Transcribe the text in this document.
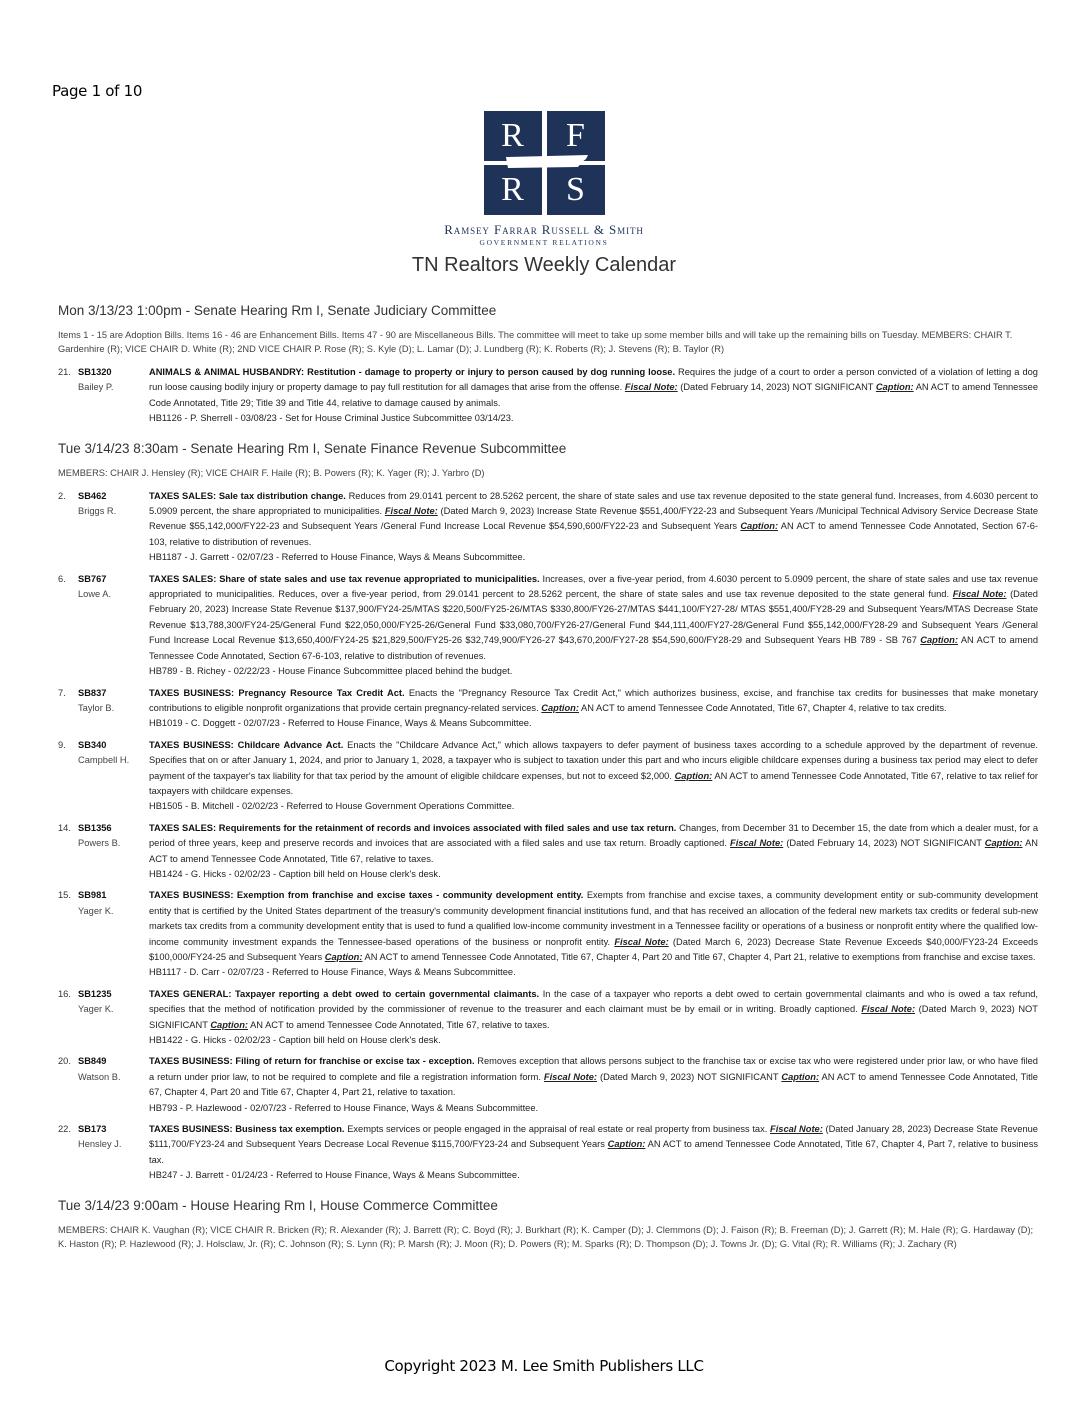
Page 1 of 10
R	F
R	S
Ramsey Farrar Russell & Smith
GOVERNMENT RELATIONS
TN Realtors Weekly Calendar
Mon 3/13/23 1:00pm - Senate Hearing Rm I, Senate Judiciary Committee
Items 1 - 15 are Adoption Bills. Items 16 - 46 are Enhancement Bills. Items 47 - 90 are Miscellaneous Bills. The committee will meet to take up some member bills and will take up the remaining bills on Tuesday. MEMBERS: CHAIR T. Gardenhire (R); VICE CHAIR D. White (R); 2ND VICE CHAIR P. Rose (R); S. Kyle (D); L. Lamar (D); J. Lundberg (R); K. Roberts (R); J. Stevens (R); B. Taylor (R)
21. SB1320
Bailey P.
ANIMALS & ANIMAL HUSBANDRY: Restitution - damage to property or injury to person caused by dog running loose. Requires the judge of a court to order a person convicted of a violation of letting a dog run loose causing bodily injury or property damage to pay full restitution for all damages that arise from the offense. Fiscal Note: (Dated February 14, 2023) NOT SIGNIFICANT Caption: AN ACT to amend Tennessee Code Annotated, Title 29; Title 39 and Title 44, relative to damage caused by animals.
HB1126 - P. Sherrell - 03/08/23 - Set for House Criminal Justice Subcommittee 03/14/23.
Tue 3/14/23 8:30am - Senate Hearing Rm I, Senate Finance Revenue Subcommittee
MEMBERS: CHAIR J. Hensley (R); VICE CHAIR F. Haile (R); B. Powers (R); K. Yager (R); J. Yarbro (D)
2.	SB462
Briggs R.
TAXES SALES: Sale tax distribution change. Reduces from 29.0141 percent to 28.5262 percent, the share of state sales and use tax revenue deposited to the state general fund. Increases, from 4.6030 percent to 5.0909 percent, the share appropriated to municipalities. Fiscal Note: (Dated March 9, 2023) Increase State Revenue $551,400/FY22-23 and Subsequent Years /Municipal Technical Advisory Service Decrease State Revenue $55,142,000/FY22-23 and Subsequent Years /General Fund Increase Local Revenue $54,590,600/FY22-23 and Subsequent Years Caption: AN ACT to amend Tennessee Code Annotated, Section 67-6-103, relative to distribution of revenues.
HB1187 - J. Garrett - 02/07/23 - Referred to House Finance, Ways & Means Subcommittee.
6.	SB767
Lowe A.
TAXES SALES: Share of state sales and use tax revenue appropriated to municipalities. Increases, over a five-year period, from 4.6030 percent to 5.0909 percent, the share of state sales and use tax revenue appropriated to municipalities. Reduces, over a five-year period, from 29.0141 percent to 28.5262 percent, the share of state sales and use tax revenue deposited to the state general fund. Fiscal Note: (Dated February 20, 2023) Increase State Revenue $137,900/FY24-25/MTAS $220,500/FY25-26/MTAS $330,800/FY26-27/MTAS $441,100/FY27-28/ MTAS $551,400/FY28-29 and Subsequent Years/MTAS Decrease State Revenue $13,788,300/FY24-25/General Fund $22,050,000/FY25-26/General Fund $33,080,700/FY26-27/General Fund $44,111,400/FY27-28/General Fund $55,142,000/FY28-29 and Subsequent Years /General Fund Increase Local Revenue $13,650,400/FY24-25 $21,829,500/FY25-26 $32,749,900/FY26-27 $43,670,200/FY27-28 $54,590,600/FY28-29 and Subsequent Years HB 789 - SB 767 Caption: AN ACT to amend Tennessee Code Annotated, Section 67-6-103, relative to distribution of revenues.
HB789 - B. Richey - 02/22/23 - House Finance Subcommittee placed behind the budget.
7.	SB837
Taylor B.
TAXES BUSINESS: Pregnancy Resource Tax Credit Act. Enacts the "Pregnancy Resource Tax Credit Act," which authorizes business, excise, and franchise tax credits for businesses that make monetary contributions to eligible nonprofit organizations that provide certain pregnancy-related services. Caption: AN ACT to amend Tennessee Code Annotated, Title 67, Chapter 4, relative to tax credits.
HB1019 - C. Doggett - 02/07/23 - Referred to House Finance, Ways & Means Subcommittee.
9.	SB340
Campbell H.
TAXES BUSINESS: Childcare Advance Act. Enacts the "Childcare Advance Act," which allows taxpayers to defer payment of business taxes according to a schedule approved by the department of revenue. Specifies that on or after January 1, 2024, and prior to January 1, 2028, a taxpayer who is subject to taxation under this part and who incurs eligible childcare expenses during a business tax period may elect to defer payment of the taxpayer's tax liability for that tax period by the amount of eligible childcare expenses, but not to exceed $2,000. Caption: AN ACT to amend Tennessee Code Annotated, Title 67, relative to tax relief for taxpayers with childcare expenses.
HB1505 - B. Mitchell - 02/02/23 - Referred to House Government Operations Committee.
14. SB1356
Powers B.
TAXES SALES: Requirements for the retainment of records and invoices associated with filed sales and use tax return. Changes, from December 31 to December 15, the date from which a dealer must, for a period of three years, keep and preserve records and invoices that are associated with a filed sales and use tax return. Broadly captioned. Fiscal Note: (Dated February 14, 2023) NOT SIGNIFICANT Caption: AN ACT to amend Tennessee Code Annotated, Title 67, relative to taxes.
HB1424 - G. Hicks - 02/02/23 - Caption bill held on House clerk's desk.
15. SB981
Yager K.
TAXES BUSINESS: Exemption from franchise and excise taxes - community development entity. Exempts from franchise and excise taxes, a community development entity or sub-community development entity that is certified by the United States department of the treasury's community development financial institutions fund, and that has received an allocation of the federal new markets tax credits or federal sub-new markets tax credits from a community development entity that is used to fund a qualified low-income community investment in a Tennessee facility or operations of a business or nonprofit entity where the qualified low-income community investment expands the Tennessee-based operations of the business or nonprofit entity. Fiscal Note: (Dated March 6, 2023) Decrease State Revenue Exceeds $40,000/FY23-24 Exceeds $100,000/FY24-25 and Subsequent Years Caption: AN ACT to amend Tennessee Code Annotated, Title 67, Chapter 4, Part 20 and Title 67, Chapter 4, Part 21, relative to exemptions from franchise and excise taxes.
HB1117 - D. Carr - 02/07/23 - Referred to House Finance, Ways & Means Subcommittee.
16. SB1235
Yager K.
TAXES GENERAL: Taxpayer reporting a debt owed to certain governmental claimants. In the case of a taxpayer who reports a debt owed to certain governmental claimants and who is owed a tax refund, specifies that the method of notification provided by the commissioner of revenue to the treasurer and each claimant must be by email or in writing. Broadly captioned. Fiscal Note: (Dated March 9, 2023) NOT SIGNIFICANT Caption: AN ACT to amend Tennessee Code Annotated, Title 67, relative to taxes.
HB1422 - G. Hicks - 02/02/23 - Caption bill held on House clerk's desk.
20. SB849
Watson B.
TAXES BUSINESS: Filing of return for franchise or excise tax - exception. Removes exception that allows persons subject to the franchise tax or excise tax who were registered under prior law, or who have filed a return under prior law, to not be required to complete and file a registration information form. Fiscal Note: (Dated March 9, 2023) NOT SIGNIFICANT Caption: AN ACT to amend Tennessee Code Annotated, Title 67, Chapter 4, Part 20 and Title 67, Chapter 4, Part 21, relative to taxation.
HB793 - P. Hazlewood - 02/07/23 - Referred to House Finance, Ways & Means Subcommittee.
22. SB173
Hensley J.
TAXES BUSINESS: Business tax exemption. Exempts services or people engaged in the appraisal of real estate or real property from business tax. Fiscal Note: (Dated January 28, 2023) Decrease State Revenue $111,700/FY23-24 and Subsequent Years Decrease Local Revenue $115,700/FY23-24 and Subsequent Years Caption: AN ACT to amend Tennessee Code Annotated, Title 67, Chapter 4, Part 7, relative to business tax.
HB247 - J. Barrett - 01/24/23 - Referred to House Finance, Ways & Means Subcommittee.
Tue 3/14/23 9:00am - House Hearing Rm I, House Commerce Committee
MEMBERS: CHAIR K. Vaughan (R); VICE CHAIR R. Bricken (R); R. Alexander (R); J. Barrett (R); C. Boyd (R); J. Burkhart (R); K. Camper (D); J. Clemmons (D); J. Faison (R); B. Freeman (D); J. Garrett (R); M. Hale (R); G. Hardaway (D); K. Haston (R); P. Hazlewood (R); J. Holsclaw, Jr. (R); C. Johnson (R); S. Lynn (R); P. Marsh (R); J. Moon (R); D. Powers (R); M. Sparks (R); D. Thompson (D); J. Towns Jr. (D); G. Vital (R); R. Williams (R); J. Zachary (R)
Copyright 2023 M. Lee Smith Publishers LLC
